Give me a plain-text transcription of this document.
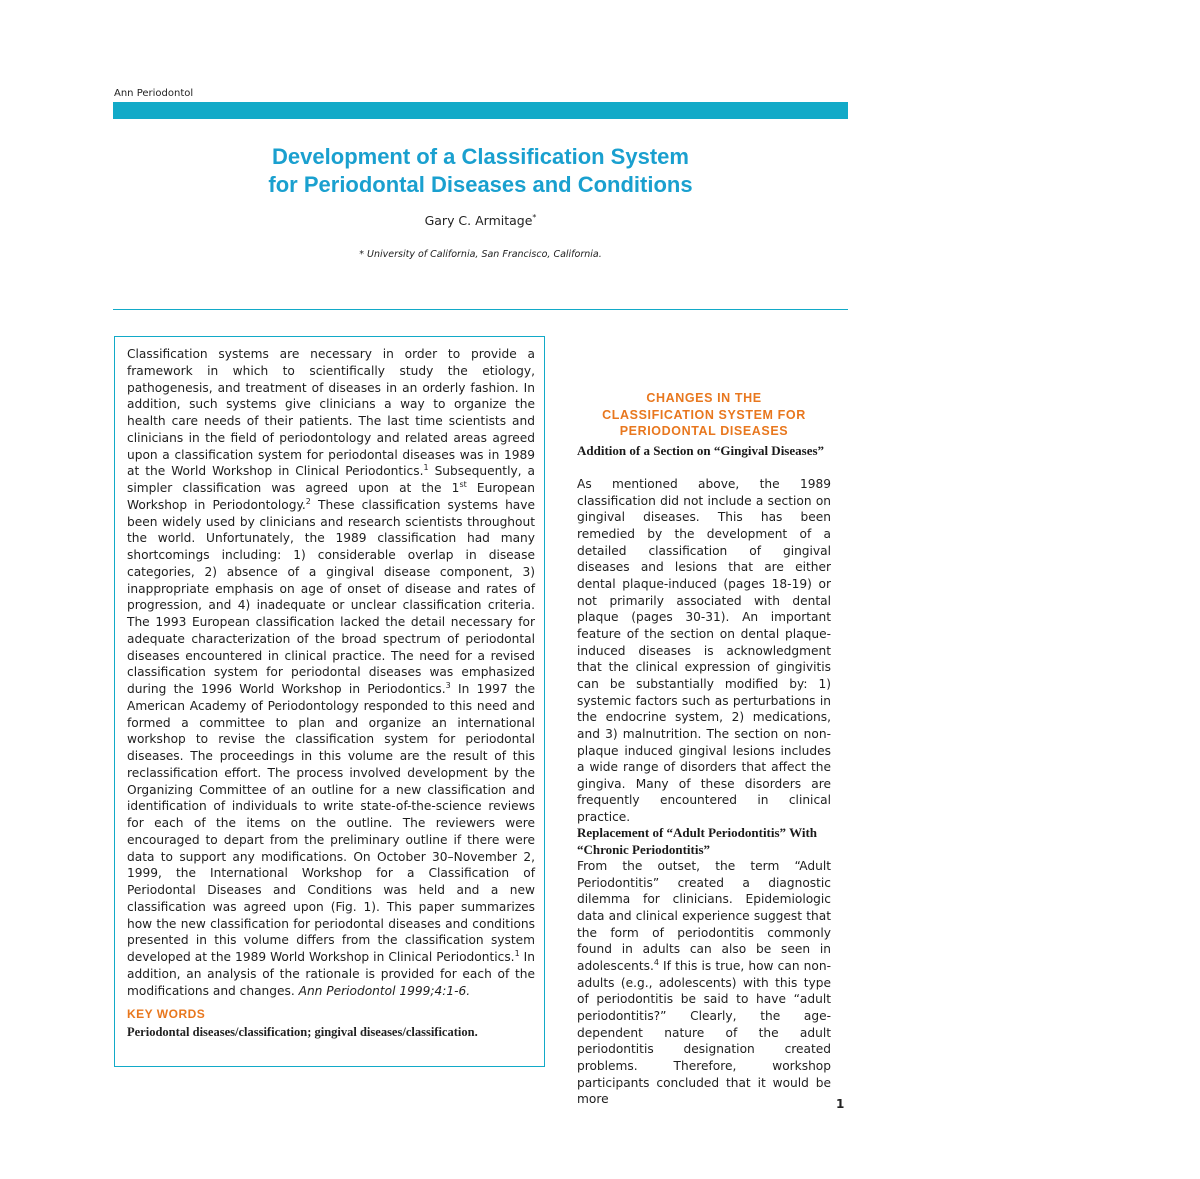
Ann Periodontol
Development of a Classification System
for Periodontal Diseases and Conditions
Gary C. Armitage*
* University of California, San Francisco, California.

Classification systems are necessary in order to provide a framework in which to scientifically study the etiology, pathogenesis, and treatment of diseases in an orderly fashion. In addition, such systems give clinicians a way to organize the health care needs of their patients. The last time scientists and clinicians in the field of periodontology and related areas agreed upon a classification system for periodontal diseases was in 1989 at the World Workshop in Clinical Periodontics.$^1$ Subsequently, a simpler classification was agreed upon at the 1st European Workshop in Periodontology.$^2$ These classification systems have been widely used by clinicians and research scientists throughout the world. Unfortunately, the 1989 classification had many shortcomings including: 1) considerable overlap in disease categories, 2) absence of a gingival disease component, 3) inappropriate emphasis on age of onset of disease and rates of progression, and 4) inadequate or unclear classification criteria. The 1993 European classification lacked the detail necessary for adequate characterization of the broad spectrum of periodontal diseases encountered in clinical practice. The need for a revised classification system for periodontal diseases was emphasized during the 1996 World Workshop in Periodontics.$^3$ In 1997 the American Academy of Periodontology responded to this need and formed a committee to plan and organize an international workshop to revise the classification system for periodontal diseases. The proceedings in this volume are the result of this reclassification effort. The process involved development by the Organizing Committee of an outline for a new classification and identification of individuals to write state-of-the-science reviews for each of the items on the outline. The reviewers were encouraged to depart from the preliminary outline if there were data to support any modifications. On October 30–November 2, 1999, the International Workshop for a Classification of Periodontal Diseases and Conditions was held and a new classification was agreed upon (Fig. 1). This paper summarizes how the new classification for periodontal diseases and conditions presented in this volume differs from the classification system developed at the 1989 World Workshop in Clinical Periodontics.$^1$ In addition, an analysis of the rationale is provided for each of the modifications and changes. Ann Periodontol 1999;4:1-6.

KEY WORDS
Periodontal diseases/classification; gingival diseases/classification.
CHANGES IN THE
CLASSIFICATION SYSTEM FOR
PERIODONTAL DISEASES
Addition of a Section on “Gingival Diseases”
As mentioned above, the 1989 classification did not include a section on gingival diseases. This has been remedied by the development of a detailed classification of gingival diseases and lesions that are either dental plaque-induced (pages 18-19) or not primarily associated with dental plaque (pages 30-31). An important feature of the section on dental plaque-induced diseases is acknowledgment that the clinical expression of gingivitis can be substantially modified by: 1) systemic factors such as perturbations in the endocrine system, 2) medications, and 3) malnutrition. The section on non-plaque induced gingival lesions includes a wide range of disorders that affect the gingiva. Many of these disorders are frequently encountered in clinical practice.
Replacement of “Adult Periodontitis” With “Chronic Periodontitis”
From the outset, the term “Adult Periodontitis” created a diagnostic dilemma for clinicians. Epidemiologic data and clinical experience suggest that the form of periodontitis commonly found in adults can also be seen in adolescents.$^4$ If this is true, how can non-adults (e.g., adolescents) with this type of periodontitis be said to have “adult periodontitis?” Clearly, the age-dependent nature of the adult periodontitis designation created problems. Therefore, workshop participants concluded that it would be more	1
